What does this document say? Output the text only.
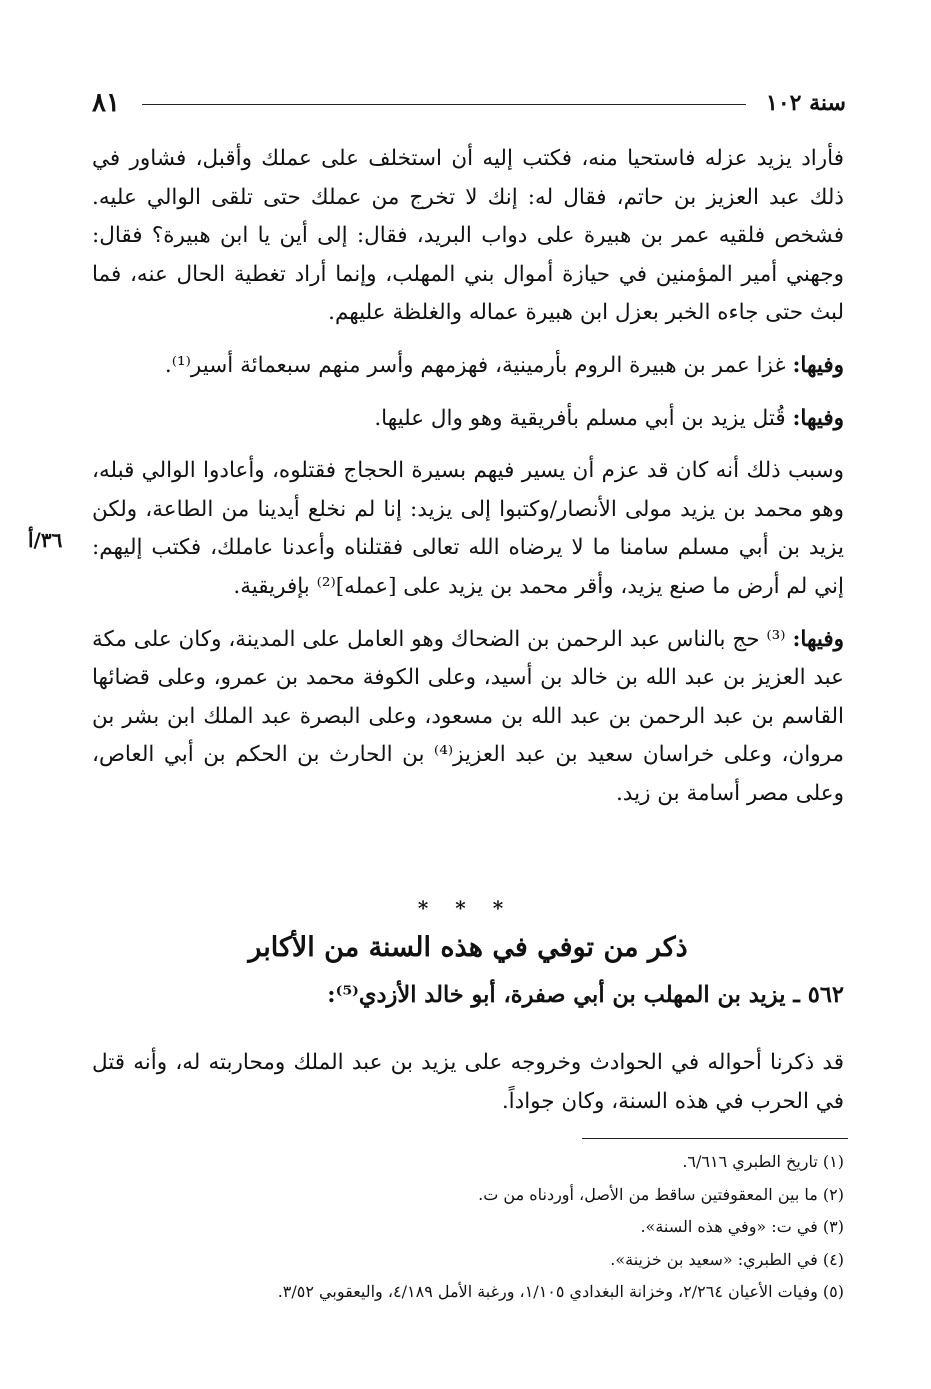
٨١	سنة ١٠٢

فأراد يزيد عزله فاستحيا منه، فكتب إليه أن استخلف على عملك وأقبل، فشاور في ذلك عبد العزيز بن حاتم، فقال له: إنك لا تخرج من عملك حتى تلقى الوالي عليه. فشخص فلقيه عمر بن هبيرة على دواب البريد، فقال: إلى أين يا ابن هبيرة؟ فقال: وجهني أمير المؤمنين في حيازة أموال بني المهلب، وإنما أراد تغطية الحال عنه، فما لبث حتى جاءه الخبر بعزل ابن هبيرة عماله والغلظة عليهم.

وفيها: غزا عمر بن هبيرة الروم بأرمينية، فهزمهم وأسر منهم سبعمائة أسير⁽¹⁾.

وفيها: قُتل يزيد بن أبي مسلم بأفريقية وهو وال عليها.

وسبب ذلك أنه كان قد عزم أن يسير فيهم بسيرة الحجاج فقتلوه، وأعادوا الوالي قبله، وهو محمد بن يزيد مولى الأنصار/وكتبوا إلى يزيد: إنا لم نخلع أيدينا من الطاعة، ولكن يزيد بن أبي مسلم سامنا ما لا يرضاه الله تعالى فقتلناه وأعدنا عاملك، فكتب إليهم: إني لم أرض ما صنع يزيد، وأقر محمد بن يزيد على [عمله]⁽²⁾ بإفريقية.

وفيها: ⁽³⁾ حج بالناس عبد الرحمن بن الضحاك وهو العامل على المدينة، وكان على مكة عبد العزيز بن عبد الله بن خالد بن أسيد، وعلى الكوفة محمد بن عمرو، وعلى قضائها القاسم بن عبد الرحمن بن عبد الله بن مسعود، وعلى البصرة عبد الملك ابن بشر بن مروان، وعلى خراسان سعيد بن عبد العزيز⁽⁴⁾ بن الحارث بن الحكم بن أبي العاص، وعلى مصر أسامة بن زيد.

٣٦/أ
* * *
ذكر من توفي في هذه السنة من الأكابر
٥٦٢ ـ يزيد بن المهلب بن أبي صفرة، أبو خالد الأزدي⁽⁵⁾:
قد ذكرنا أحواله في الحوادث وخروجه على يزيد بن عبد الملك ومحاربته له، وأنه قتل في الحرب في هذه السنة، وكان جواداً.
(١) تاريخ الطبري ٦/٦١٦.
(٢) ما بين المعقوفتين ساقط من الأصل، أوردناه من ت.
(٣) في ت: «وفي هذه السنة».
(٤) في الطبري: «سعيد بن خزينة».
(٥) وفيات الأعيان ٢/٢٦٤، وخزانة البغدادي ١/١٠٥، ورغبة الأمل ٤/١٨٩، واليعقوبي ٣/٥٢.
